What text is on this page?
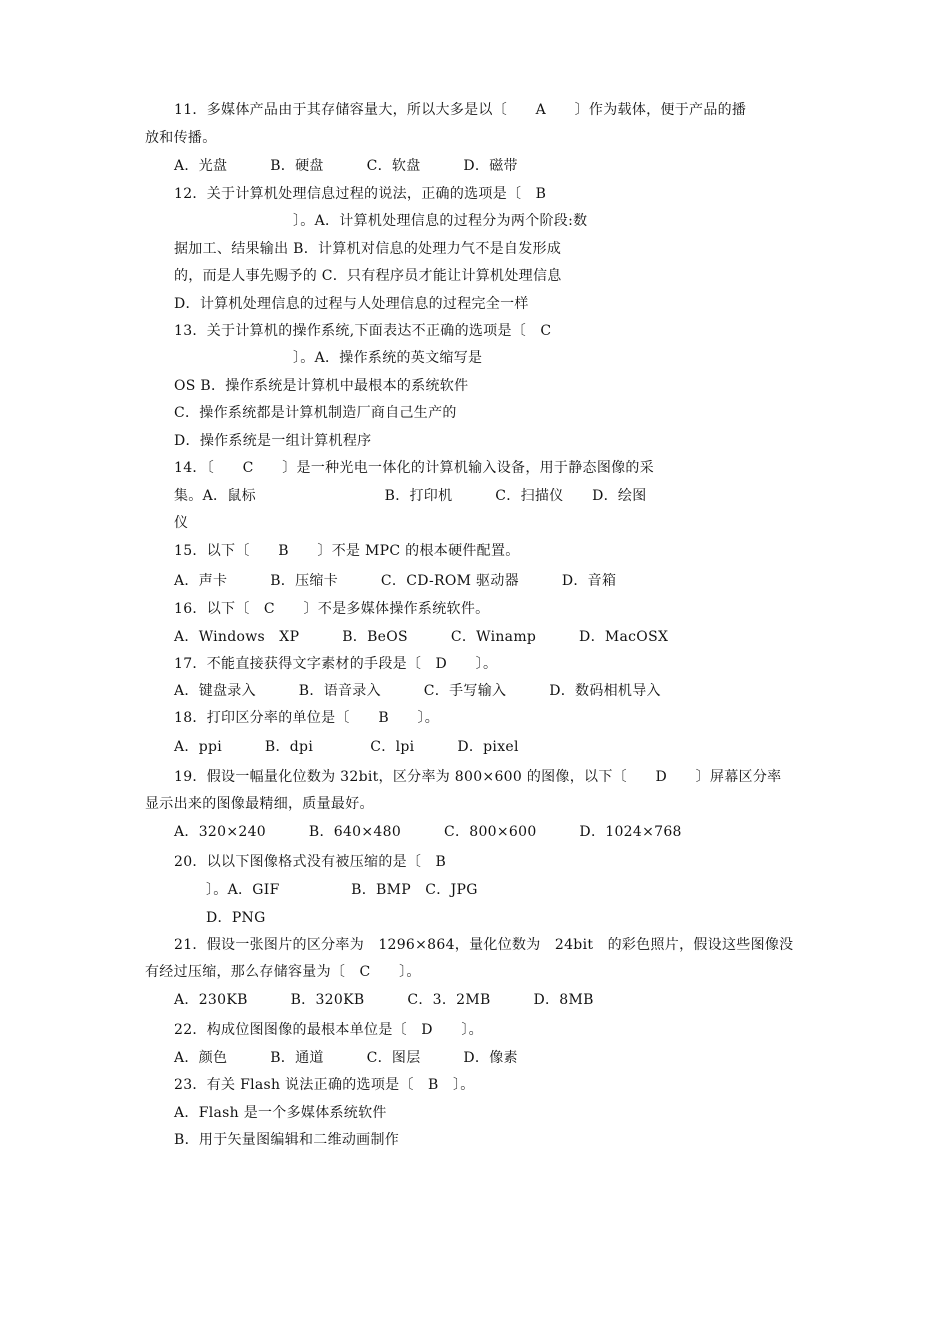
11．多媒体产品由于其存储容量大，所以大多是以〔　　A　　〕作为载体，便于产品的播
放和传播。
A．光盘　　　B．硬盘　　　C．软盘　　　D．磁带
12．关于计算机处理信息过程的说法，正确的选项是〔　B
〕。A．计算机处理信息的过程分为两个阶段:数
据加工、结果输出 B．计算机对信息的处理力气不是自发形成
的，而是人事先赐予的 C．只有程序员才能让计算机处理信息
D．计算机处理信息的过程与人处理信息的过程完全一样
13．关于计算机的操作系统,下面表达不正确的选项是〔　C
〕。A．操作系统的英文缩写是
OS B．操作系统是计算机中最根本的系统软件
C．操作系统都是计算机制造厂商自己生产的
D．操作系统是一组计算机程序
14．〔　　C　　〕是一种光电一体化的计算机输入设备，用于静态图像的采
集。A．鼠标　　　　　　　　　B．打印机　　　C．扫描仪　　D．绘图
仪
15．以下〔　　B　　〕不是 MPC 的根本硬件配置。
A．声卡　　　B．压缩卡　　　C．CD-ROM 驱动器　　　D．音箱
16．以下〔　C　　〕不是多媒体操作系统软件。
A．Windows　XP　　　B．BeOS　　　C．Winamp　　　D．MacOSX
17．不能直接获得文字素材的手段是〔　D　　〕。
A．键盘录入　　　B．语音录入　　　C．手写输入　　　D．数码相机导入
18．打印区分率的单位是〔　　B　　〕。
A．ppi　　　B．dpi　　　　C．lpi　　　D．pixel
19．假设一幅量化位数为 32bit，区分率为 800×600 的图像，以下〔　　D　　〕屏幕区分率
显示出来的图像最精细，质量最好。
A．320×240　　　B．640×480　　　C．800×600　　　D．1024×768
20．以以下图像格式没有被压缩的是〔　B
〕。A．GIF　　　　　B．BMP　C．JPG
D．PNG
21．假设一张图片的区分率为　1296×864，量化位数为　24bit　的彩色照片，假设这些图像没
有经过压缩，那么存储容量为〔　C　　〕。
A．230KB　　　B．320KB　　　C．3．2MB　　　D．8MB
22．构成位图图像的最根本单位是〔　D　　〕。
A．颜色　　　B．通道　　　C．图层　　　D．像素
23．有关 Flash 说法正确的选项是〔　B　〕。
A．Flash 是一个多媒体系统软件
B．用于矢量图编辑和二维动画制作
